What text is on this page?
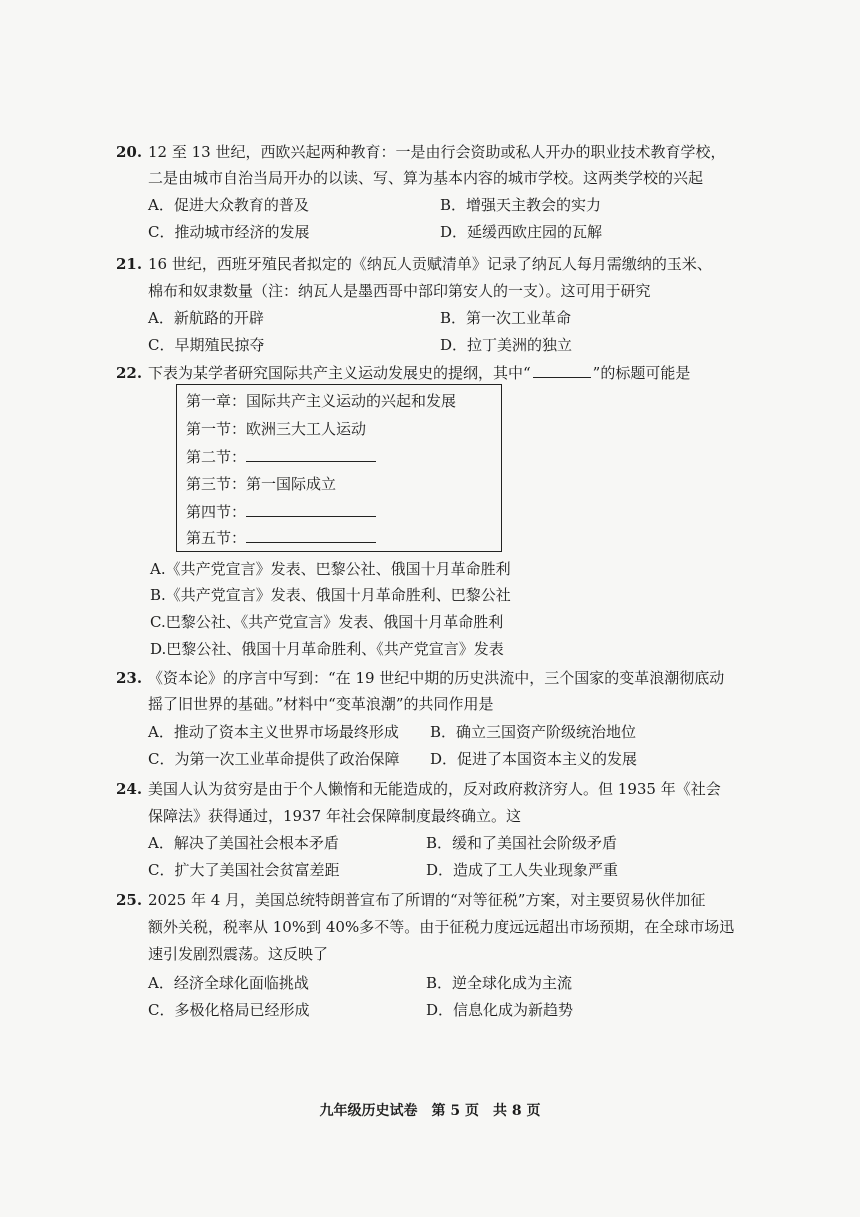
20. 12 至 13 世纪，西欧兴起两种教育：一是由行会资助或私人开办的职业技术教育学校，
二是由城市自治当局开办的以读、写、算为基本内容的城市学校。这两类学校的兴起
A．促进大众教育的普及	B．增强天主教会的实力
C．推动城市经济的发展	D．延缓西欧庄园的瓦解
21. 16 世纪，西班牙殖民者拟定的《纳瓦人贡赋清单》记录了纳瓦人每月需缴纳的玉米、
棉布和奴隶数量（注：纳瓦人是墨西哥中部印第安人的一支）。这可用于研究
A．新航路的开辟	B．第一次工业革命
C．早期殖民掠夺	D．拉丁美洲的独立
22. 下表为某学者研究国际共产主义运动发展史的提纲，其中“	”的标题可能是
第一章：国际共产主义运动的兴起和发展
第一节：欧洲三大工人运动
第二节：
第三节：第一国际成立
第四节：
第五节：
A.《共产党宣言》发表、巴黎公社、俄国十月革命胜利
B.《共产党宣言》发表、俄国十月革命胜利、巴黎公社
C.巴黎公社、《共产党宣言》发表、俄国十月革命胜利
D.巴黎公社、俄国十月革命胜利、《共产党宣言》发表
23. 《资本论》的序言中写到：“在 19 世纪中期的历史洪流中，三个国家的变革浪潮彻底动
摇了旧世界的基础。”材料中“变革浪潮”的共同作用是
A．推动了资本主义世界市场最终形成 B．确立三国资产阶级统治地位
C．为第一次工业革命提供了政治保障 D．促进了本国资本主义的发展
24. 美国人认为贫穷是由于个人懒惰和无能造成的，反对政府救济穷人。但 1935 年《社会
保障法》获得通过，1937 年社会保障制度最终确立。这
A．解决了美国社会根本矛盾	B．缓和了美国社会阶级矛盾
C．扩大了美国社会贫富差距	D．造成了工人失业现象严重
25. 2025 年 4 月，美国总统特朗普宣布了所谓的“对等征税”方案，对主要贸易伙伴加征
额外关税，税率从 10%到 40%多不等。由于征税力度远远超出市场预期，在全球市场迅
速引发剧烈震荡。这反映了
A．经济全球化面临挑战	B．逆全球化成为主流
C．多极化格局已经形成	D．信息化成为新趋势
九年级历史试卷　第 5 页　共 8 页
